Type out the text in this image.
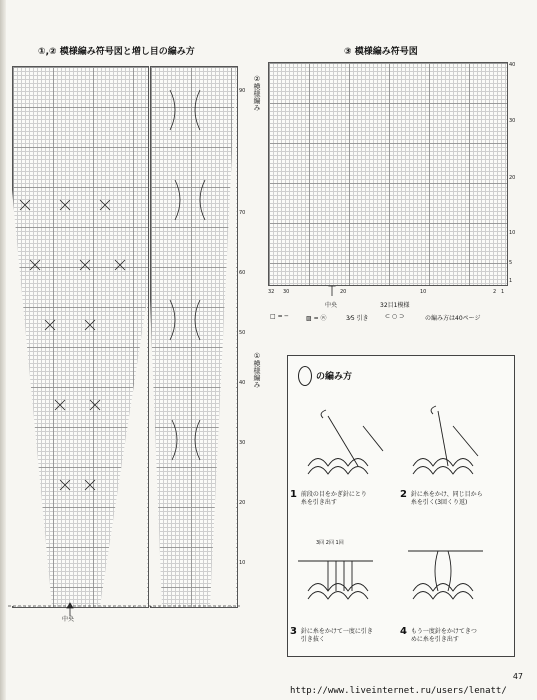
①,② 模様編み符号図と増し目の編み方	③ 模様編み符号図
②模様編み
①模様編み
90
70
60
50
40
30
20
10
中央
40
30
20
10
5
1
32 30	20	10	2 1
中央	32目1模様
□ = ─	▨ = ⓦ	3⁄5 引き	⊂ ○ ⊃	の編み方は40ページ
の編み方
3回 2回 1回
1 前段の目をかぎ針にとり
糸を引き出す
2 針に糸をかけ、同じ目から
糸を引く(3回くり返)
3 針に糸をかけて一度に引き
引き抜く
4 もう一度針をかけてきつ
めに糸を引き出す
47
http://www.liveinternet.ru/users/lenatt/
